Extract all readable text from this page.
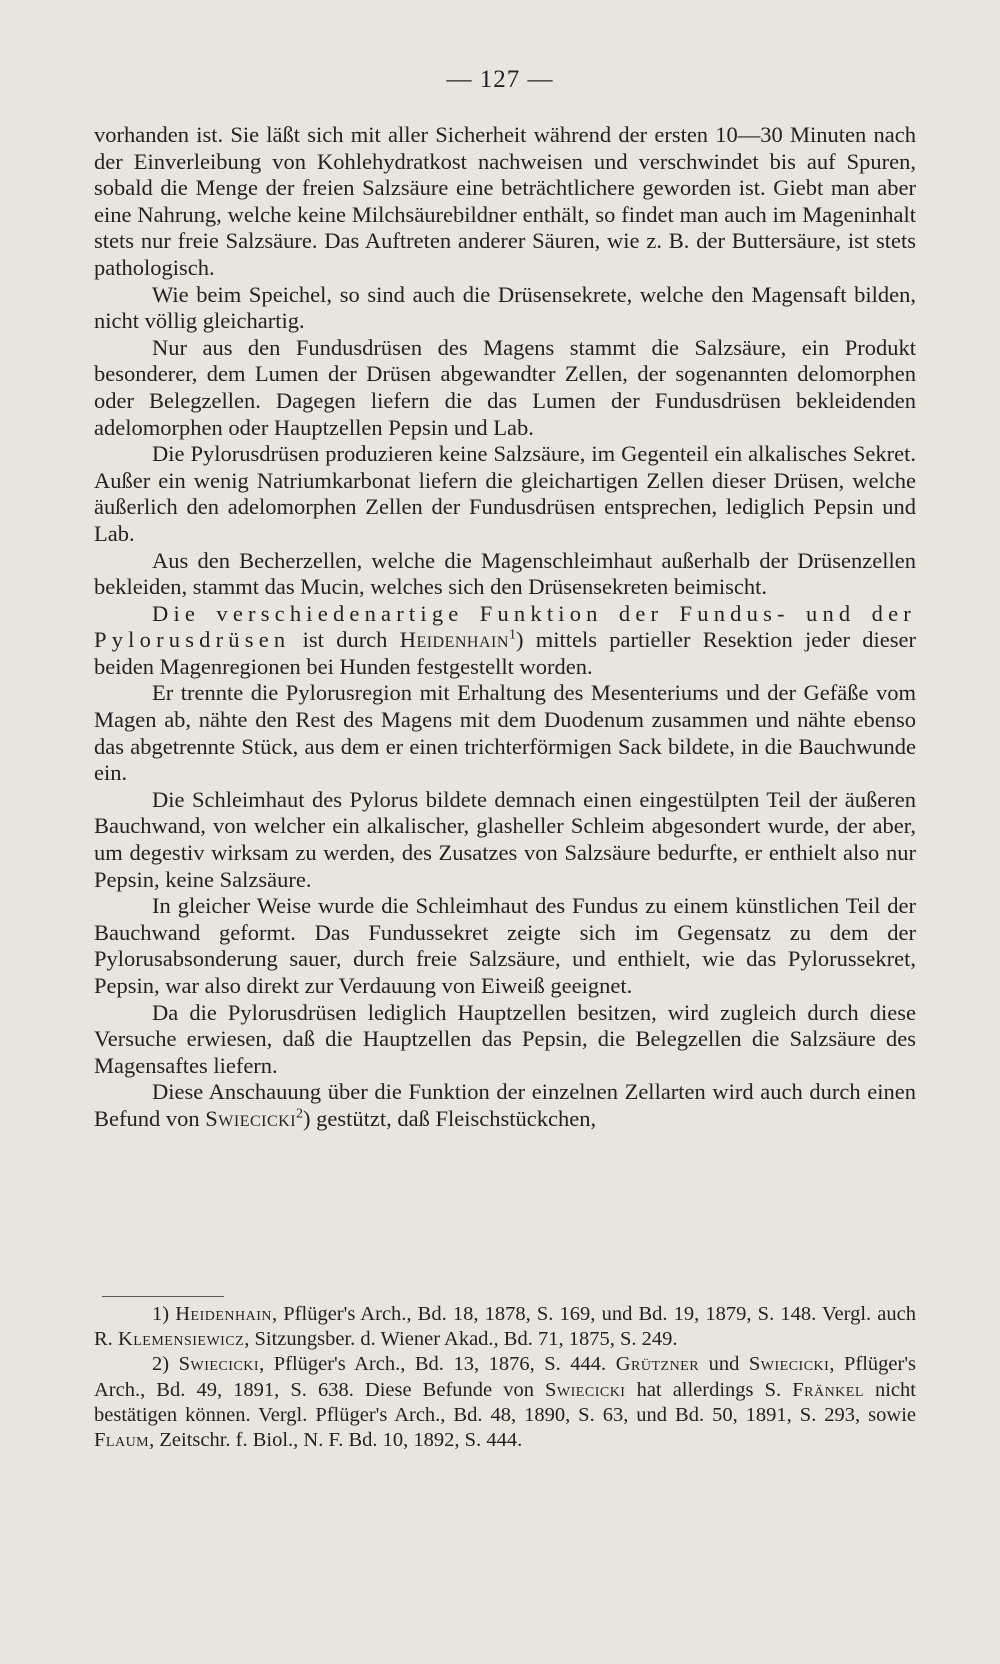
— 127 —

vorhanden ist. Sie läßt sich mit aller Sicherheit während der ersten 10—30 Minuten nach der Einverleibung von Kohlehydratkost nachweisen und verschwindet bis auf Spuren, sobald die Menge der freien Salzsäure eine beträchtlichere geworden ist. Giebt man aber eine Nahrung, welche keine Milchsäurebildner enthält, so findet man auch im Mageninhalt stets nur freie Salzsäure. Das Auftreten anderer Säuren, wie z. B. der Buttersäure, ist stets pathologisch.

Wie beim Speichel, so sind auch die Drüsensekrete, welche den Magensaft bilden, nicht völlig gleichartig.

Nur aus den Fundusdrüsen des Magens stammt die Salzsäure, ein Produkt besonderer, dem Lumen der Drüsen abgewandter Zellen, der sogenannten delomorphen oder Belegzellen. Dagegen liefern die das Lumen der Fundusdrüsen bekleidenden adelomorphen oder Hauptzellen Pepsin und Lab.

Die Pylorusdrüsen produzieren keine Salzsäure, im Gegenteil ein alkalisches Sekret. Außer ein wenig Natriumkarbonat liefern die gleichartigen Zellen dieser Drüsen, welche äußerlich den adelomorphen Zellen der Fundusdrüsen entsprechen, lediglich Pepsin und Lab.

Aus den Becherzellen, welche die Magenschleimhaut außerhalb der Drüsenzellen bekleiden, stammt das Mucin, welches sich den Drüsensekreten beimischt.

Die verschiedenartige Funktion der Fundus- und der Pylorusdrüsen ist durch Heidenhain$^1$) mittels partieller Resektion jeder dieser beiden Magenregionen bei Hunden festgestellt worden.

Er trennte die Pylorusregion mit Erhaltung des Mesenteriums und der Gefäße vom Magen ab, nähte den Rest des Magens mit dem Duodenum zusammen und nähte ebenso das abgetrennte Stück, aus dem er einen trichterförmigen Sack bildete, in die Bauchwunde ein.

Die Schleimhaut des Pylorus bildete demnach einen eingestülpten Teil der äußeren Bauchwand, von welcher ein alkalischer, glasheller Schleim abgesondert wurde, der aber, um degestiv wirksam zu werden, des Zusatzes von Salzsäure bedurfte, er enthielt also nur Pepsin, keine Salzsäure.

In gleicher Weise wurde die Schleimhaut des Fundus zu einem künstlichen Teil der Bauchwand geformt. Das Fundussekret zeigte sich im Gegensatz zu dem der Pylorusabsonderung sauer, durch freie Salzsäure, und enthielt, wie das Pylorussekret, Pepsin, war also direkt zur Verdauung von Eiweiß geeignet.

Da die Pylorusdrüsen lediglich Hauptzellen besitzen, wird zugleich durch diese Versuche erwiesen, daß die Hauptzellen das Pepsin, die Belegzellen die Salzsäure des Magensaftes liefern.

Diese Anschauung über die Funktion der einzelnen Zellarten wird auch durch einen Befund von Swiecicki$^2$) gestützt, daß Fleischstückchen,

1) Heidenhain, Pflüger's Arch., Bd. 18, 1878, S. 169, und Bd. 19, 1879, S. 148. Vergl. auch R. Klemensiewicz, Sitzungsber. d. Wiener Akad., Bd. 71, 1875, S. 249.

2) Swiecicki, Pflüger's Arch., Bd. 13, 1876, S. 444. Grützner und Swiecicki, Pflüger's Arch., Bd. 49, 1891, S. 638. Diese Befunde von Swiecicki hat allerdings S. Fränkel nicht bestätigen können. Vergl. Pflüger's Arch., Bd. 48, 1890, S. 63, und Bd. 50, 1891, S. 293, sowie Flaum, Zeitschr. f. Biol., N. F. Bd. 10, 1892, S. 444.
